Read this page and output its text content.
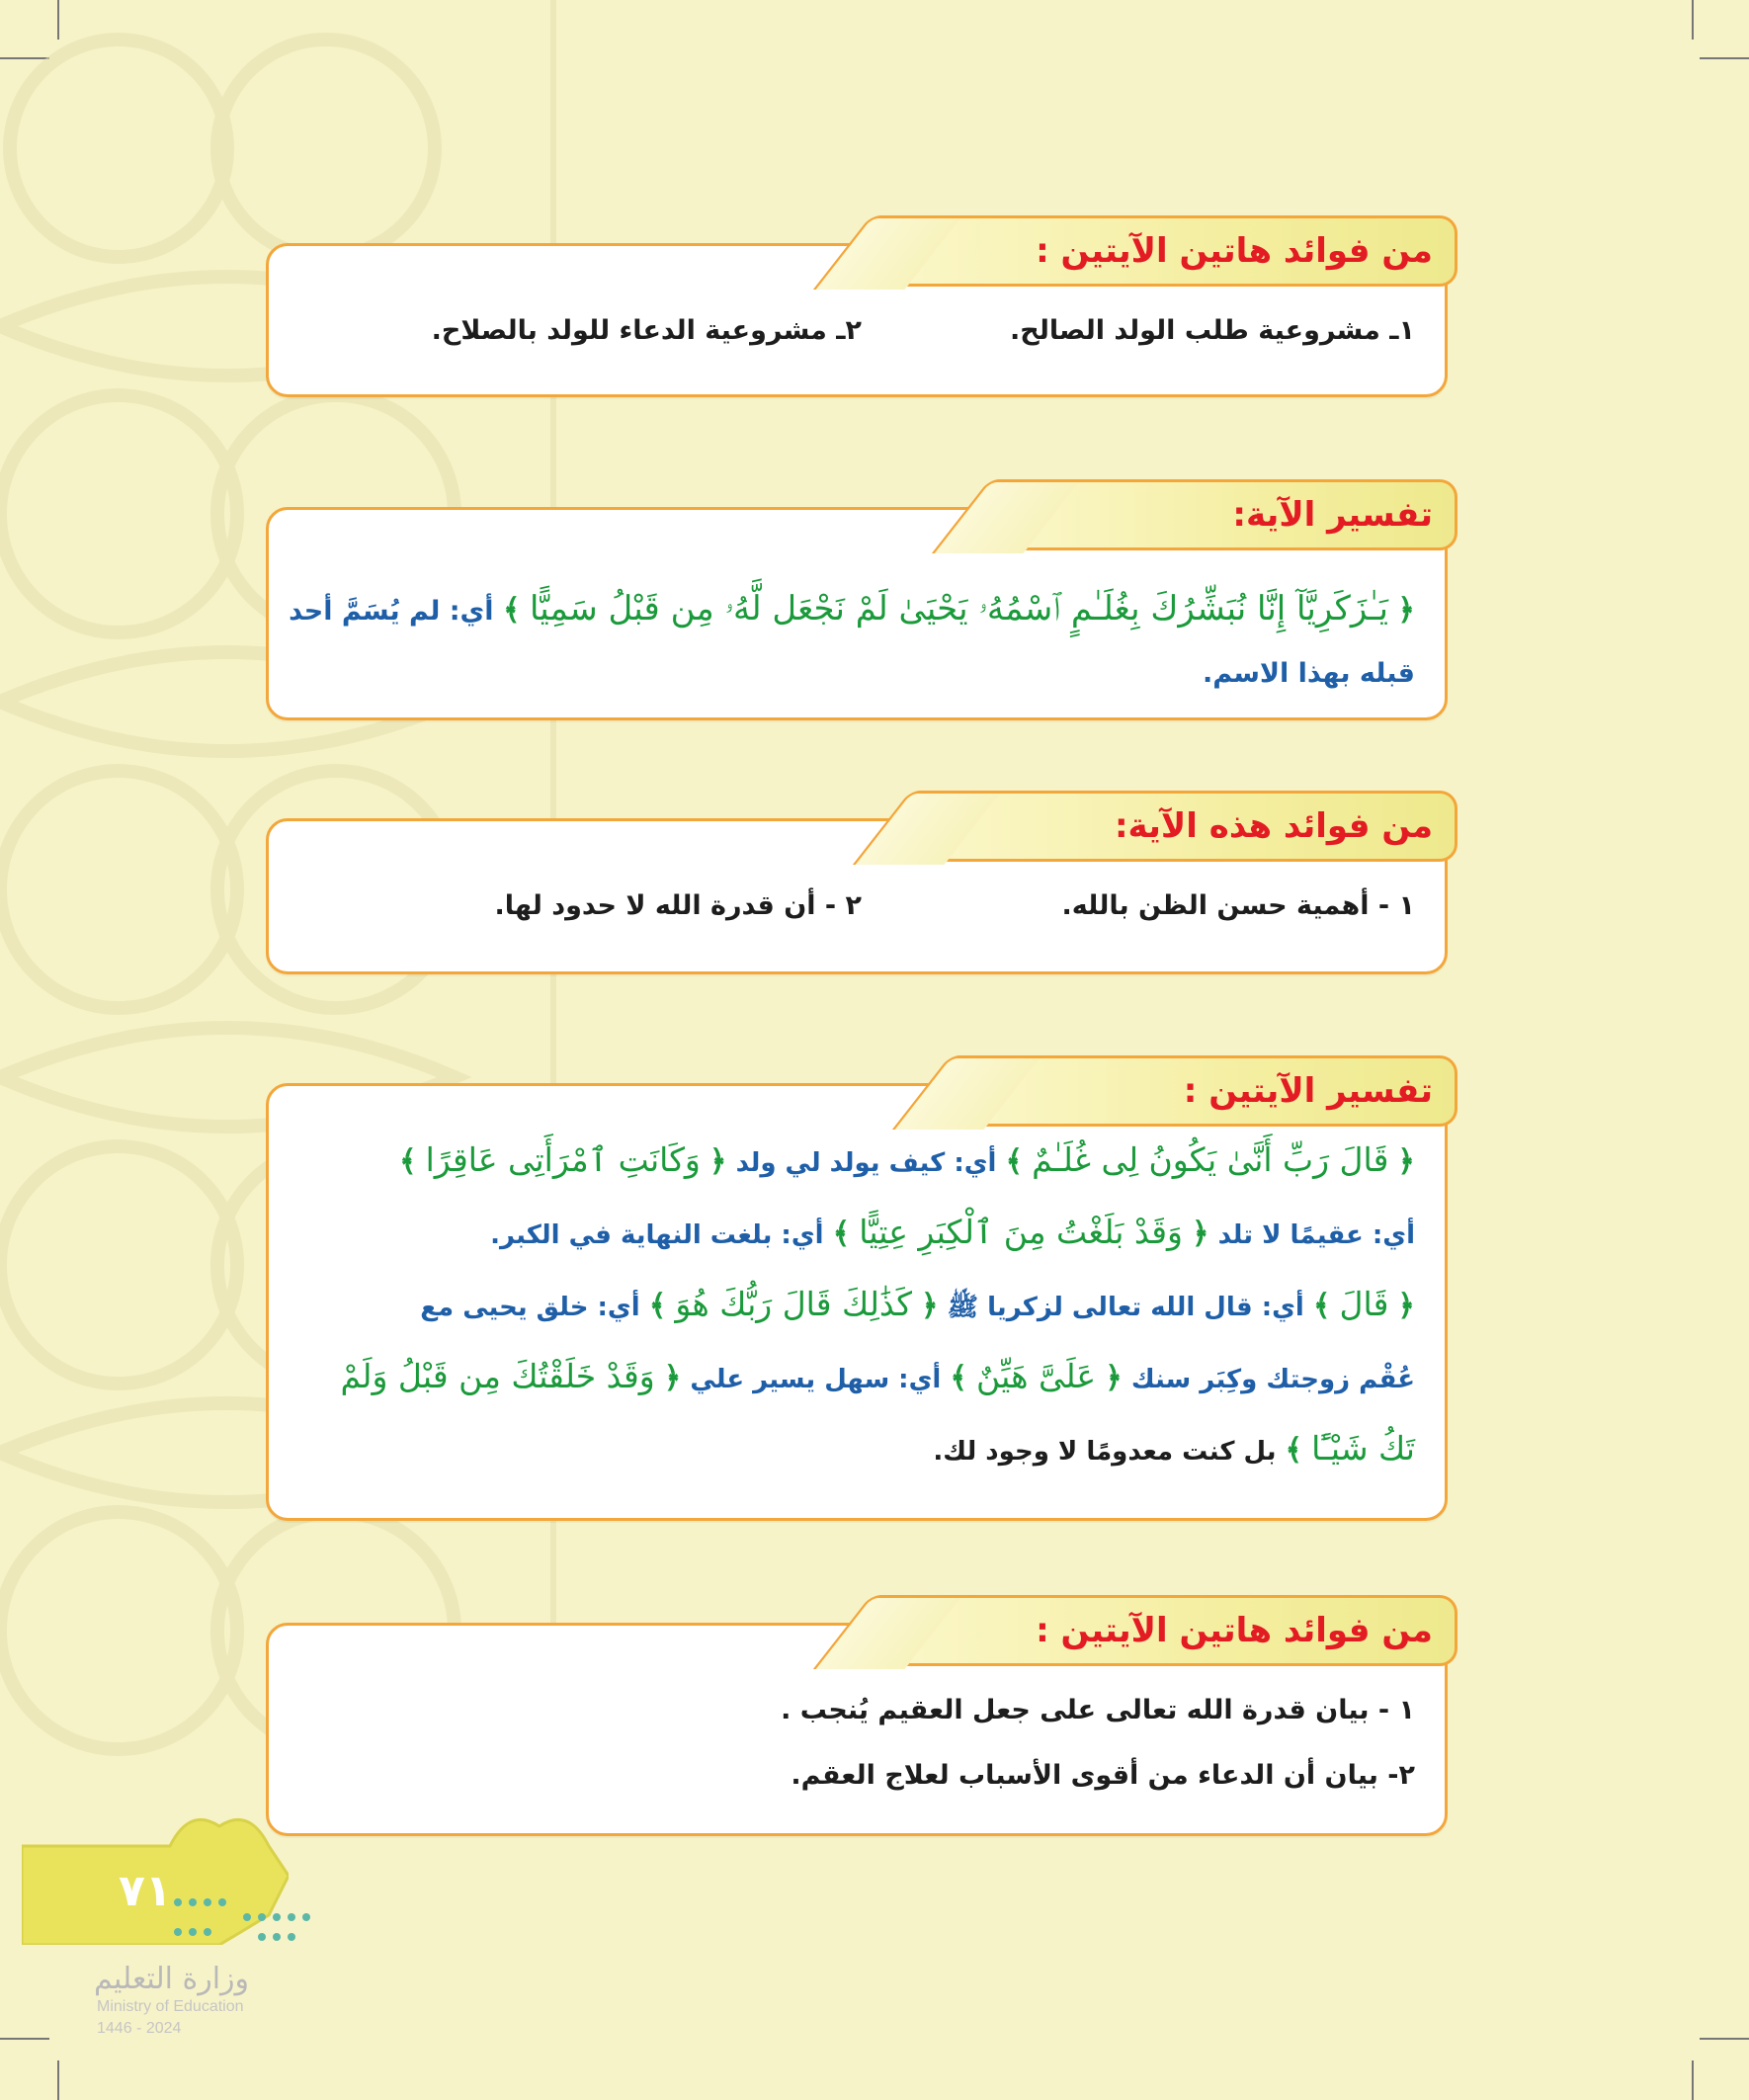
١ـ مشروعية طلب الولد الصالح.
٢ـ مشروعية الدعاء للولد بالصلاح.
من فوائد هاتين الآيتين :
﴿ يَـٰزَكَرِيَّآ إِنَّا نُبَشِّرُكَ بِغُلَـٰمٍ ٱسْمُهُۥ يَحْيَىٰ لَمْ نَجْعَل لَّهُۥ مِن قَبْلُ سَمِيًّا ﴾ أي: لم يُسَمَّ أحد
قبله بهذا الاسم.
تفسير الآية:
١ - أهمية حسن الظن بالله.
٢ - أن قدرة الله لا حدود لها.
من فوائد هذه الآية:
﴿ قَالَ رَبِّ أَنَّىٰ يَكُونُ لِى غُلَـٰمٌ ﴾ أي: كيف يولد لي ولد ﴿ وَكَانَتِ ٱمْرَأَتِى عَاقِرًا ﴾
أي: عقيمًا لا تلد ﴿ وَقَدْ بَلَغْتُ مِنَ ٱلْكِبَرِ عِتِيًّا ﴾ أي: بلغت النهاية في الكبر.
﴿ قَالَ ﴾ أي: قال الله تعالى لزكريا ﷺ ﴿ كَذَٰلِكَ قَالَ رَبُّكَ هُوَ ﴾ أي: خلق يحيى مع
عُقْم زوجتك وكِبَر سنك ﴿ عَلَىَّ هَيِّنٌ ﴾ أي: سهل يسير علي ﴿ وَقَدْ خَلَقْتُكَ مِن قَبْلُ وَلَمْ
تَكُ شَيْـًٔا ﴾ بل كنت معدومًا لا وجود لك.
تفسير الآيتين :
١ - بيان قدرة الله تعالى على جعل العقيم يُنجب .
٢- بيان أن الدعاء من أقوى الأسباب لعلاج العقم.
من فوائد هاتين الآيتين :
٧١
وزارة التعليم
Ministry of Education
2024 - 1446
